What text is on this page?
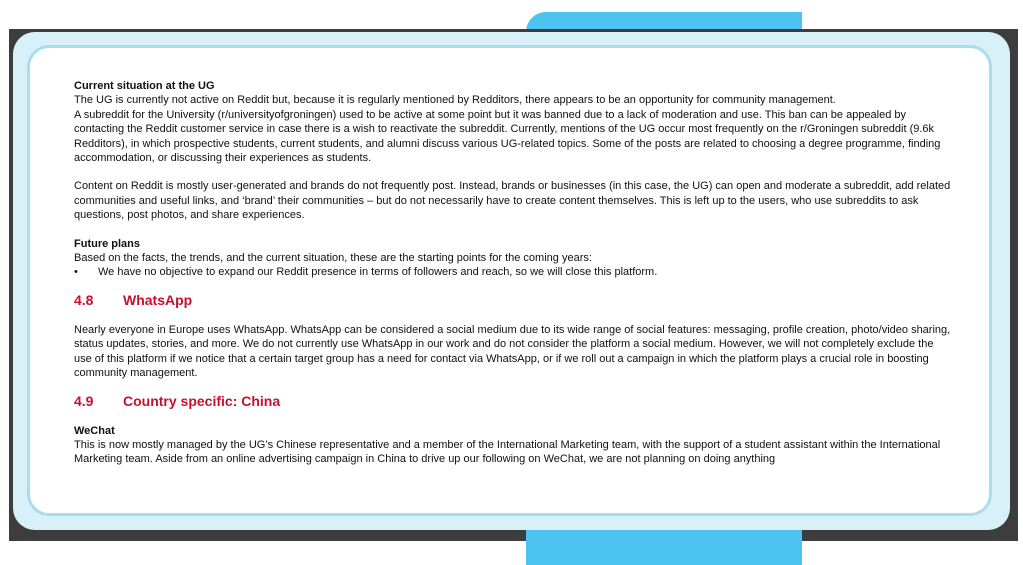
Current situation at the UG

The UG is currently not active on Reddit but, because it is regularly mentioned by Redditors, there appears to be an opportunity for community management.

A subreddit for the University (r/universityofgroningen) used to be active at some point but it was banned due to a lack of moderation and use. This ban can be appealed by contacting the Reddit customer service in case there is a wish to reactivate the subreddit. Currently, mentions of the UG occur most frequently on the r/Groningen subreddit (9.6k Redditors), in which prospective students, current students, and alumni discuss various UG-related topics. Some of the posts are related to choosing a degree programme, finding accommodation, or discussing their experiences as students.

Content on Reddit is mostly user-generated and brands do not frequently post. Instead, brands or businesses (in this case, the UG) can open and moderate a subreddit, add related communities and useful links, and ‘brand’ their communities – but do not necessarily have to create content themselves. This is left up to the users, who use subreddits to ask questions, post photos, and share experiences.

Future plans

Based on the facts, the trends, and the current situation, these are the starting points for the coming years:

•	We have no objective to expand our Reddit presence in terms of followers and reach, so we will close this platform.
4.8	WhatsApp

Nearly everyone in Europe uses WhatsApp. WhatsApp can be considered a social medium due to its wide range of social features: messaging, profile creation, photo/video sharing, status updates, stories, and more. We do not currently use WhatsApp in our work and do not consider the platform a social medium. However, we will not completely exclude the use of this platform if we notice that a certain target group has a need for contact via WhatsApp, or if we roll out a campaign in which the platform plays a crucial role in boosting community management.

4.9	Country specific: China

WeChat

This is now mostly managed by the UG’s Chinese representative and a member of the International Marketing team, with the support of a student assistant within the International Marketing team. Aside from an online advertising campaign in China to drive up our following on WeChat, we are not planning on doing anything
